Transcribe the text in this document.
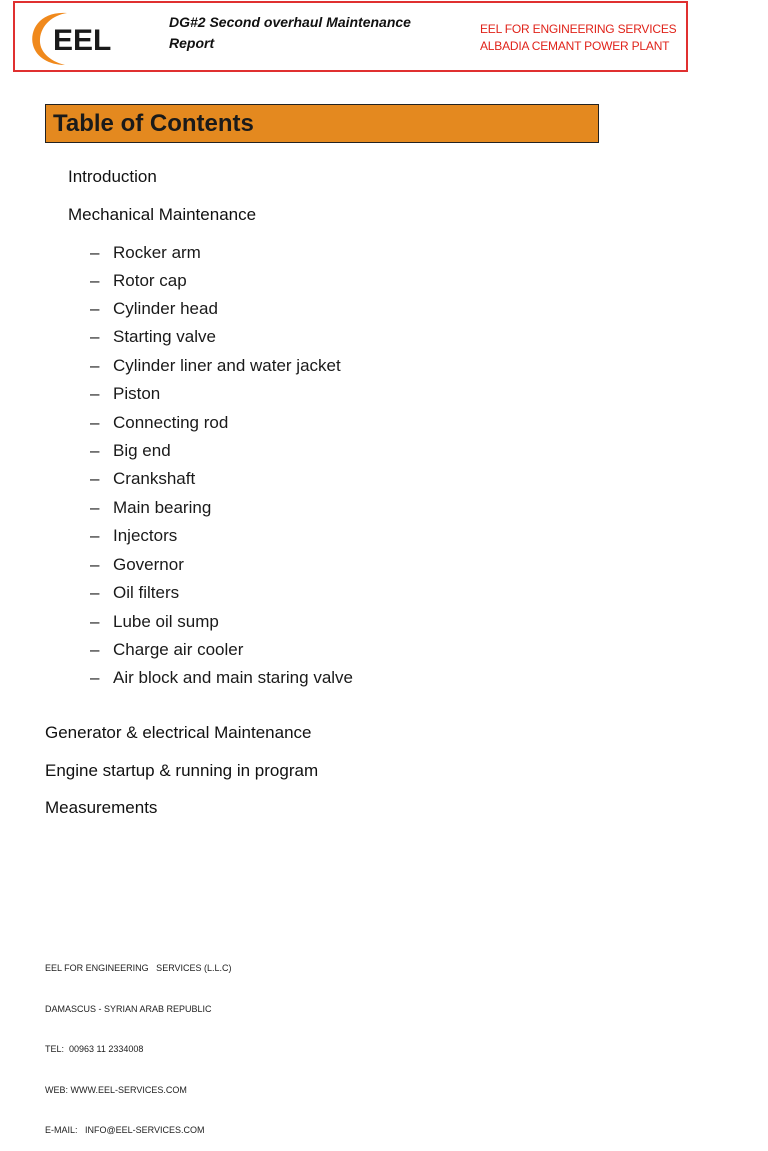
EEL
DG#2 Second overhaul Maintenance
Report
EEL FOR ENGINEERING SERVICES
ALBADIA CEMANT POWER PLANT
Table of Contents
Introduction
Mechanical Maintenance
– Rocker arm
– Rotor cap
– Cylinder head
– Starting valve
– Cylinder liner and water jacket
– Piston
– Connecting rod
– Big end
– Crankshaft
– Main bearing
– Injectors
– Governor
– Oil filters
– Lube oil sump
– Charge air cooler
– Air block and main staring valve
Generator & electrical Maintenance
Engine startup & running in program
Measurements

EEL FOR ENGINEERING   SERVICES (L.L.C)

DAMASCUS - SYRIAN ARAB REPUBLIC

TEL:  00963 11 2334008

WEB: WWW.EEL-SERVICES.COM

E-MAIL:   INFO@EEL-SERVICES.COM
